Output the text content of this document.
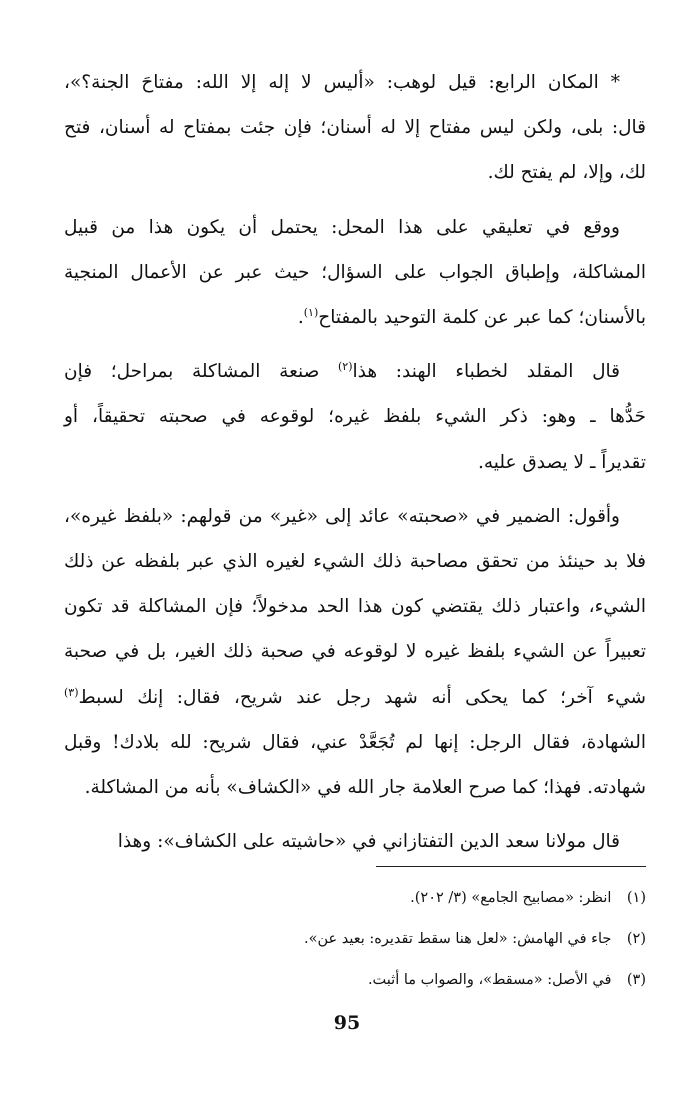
* المكان الرابع: قيل لوهب: «أليس لا إله إلا الله: مفتاحَ الجنة؟»،
قال: بلى، ولكن ليس مفتاح إلا له أسنان؛ فإن جئت بمفتاح له أسنان، فتح
لك، وإلا، لم يفتح لك.

ووقع في تعليقي على هذا المحل: يحتمل أن يكون هذا من قبيل
المشاكلة، وإطباق الجواب على السؤال؛ حيث عبر عن الأعمال المنجية
بالأسنان؛ كما عبر عن كلمة التوحيد بالمفتاح$^{(١)}$.

قال المقلد لخطباء الهند: هذا$^{(٢)}$ صنعة المشاكلة بمراحل؛ فإن
حَدُّها ـ وهو: ذكر الشيء بلفظ غيره؛ لوقوعه في صحبته تحقيقاً، أو
تقديراً ـ لا يصدق عليه.

وأقول: الضمير في «صحبته» عائد إلى «غير» من قولهم: «بلفظ غيره»،
فلا بد حينئذ من تحقق مصاحبة ذلك الشيء لغيره الذي عبر بلفظه عن ذلك
الشيء، واعتبار ذلك يقتضي كون هذا الحد مدخولاً؛ فإن المشاكلة قد تكون
تعبيراً عن الشيء بلفظ غيره لا لوقوعه في صحبة ذلك الغير، بل في صحبة
شيء آخر؛ كما يحكى أنه شهد رجل عند شريح، فقال: إنك لسبط$^{(٣)}$
الشهادة، فقال الرجل: إنها لم تُجَعَّدْ عني، فقال شريح: لله بلادك! وقبل
شهادته. فهذا؛ كما صرح العلامة جار الله في «الكشاف» بأنه من المشاكلة.

قال مولانا سعد الدين التفتازاني في «حاشيته على الكشاف»: وهذا

(١) انظر: «مصابيح الجامع» (٣/ ٢٠٢).
(٢) جاء في الهامش: «لعل هنا سقط تقديره: بعيد عن».
(٣) في الأصل: «مسقط»، والصواب ما أثبت.
95
